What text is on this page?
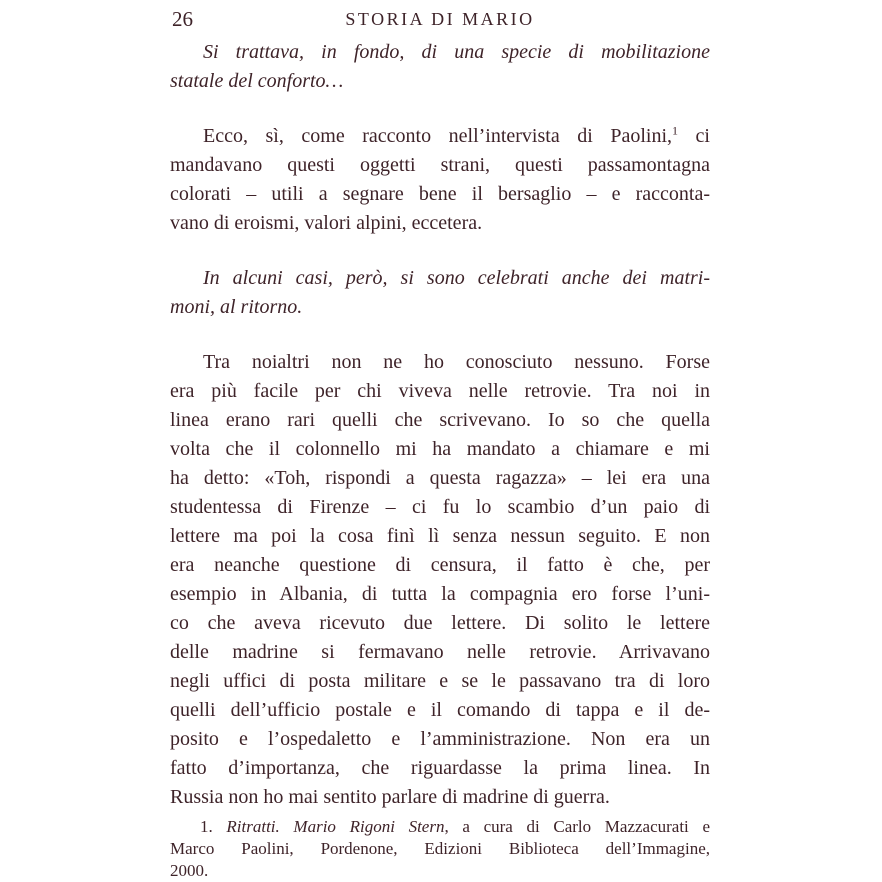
26	STORIA DI MARIO
Si trattava, in fondo, di una specie di mobilitazione
statale del conforto…
Ecco, sì, come racconto nell’intervista di Paolini,$^1$ ci
mandavano questi oggetti strani, questi passamontagna
colorati – utili a segnare bene il bersaglio – e racconta-
vano di eroismi, valori alpini, eccetera.
In alcuni casi, però, si sono celebrati anche dei matri-
moni, al ritorno.
Tra noialtri non ne ho conosciuto nessuno. Forse
era più facile per chi viveva nelle retrovie. Tra noi in
linea erano rari quelli che scrivevano. Io so che quella
volta che il colonnello mi ha mandato a chiamare e mi
ha detto: «Toh, rispondi a questa ragazza» – lei era una
studentessa di Firenze – ci fu lo scambio d’un paio di
lettere ma poi la cosa finì lì senza nessun seguito. E non
era neanche questione di censura, il fatto è che, per
esempio in Albania, di tutta la compagnia ero forse l’uni-
co che aveva ricevuto due lettere. Di solito le lettere
delle madrine si fermavano nelle retrovie. Arrivavano
negli uffici di posta militare e se le passavano tra di loro
quelli dell’ufficio postale e il comando di tappa e il de-
posito e l’ospedaletto e l’amministrazione. Non era un
fatto d’importanza, che riguardasse la prima linea. In
Russia non ho mai sentito parlare di madrine di guerra.
1. Ritratti. Mario Rigoni Stern, a cura di Carlo Mazzacurati e
Marco Paolini, Pordenone, Edizioni Biblioteca dell’Immagine,
2000.
